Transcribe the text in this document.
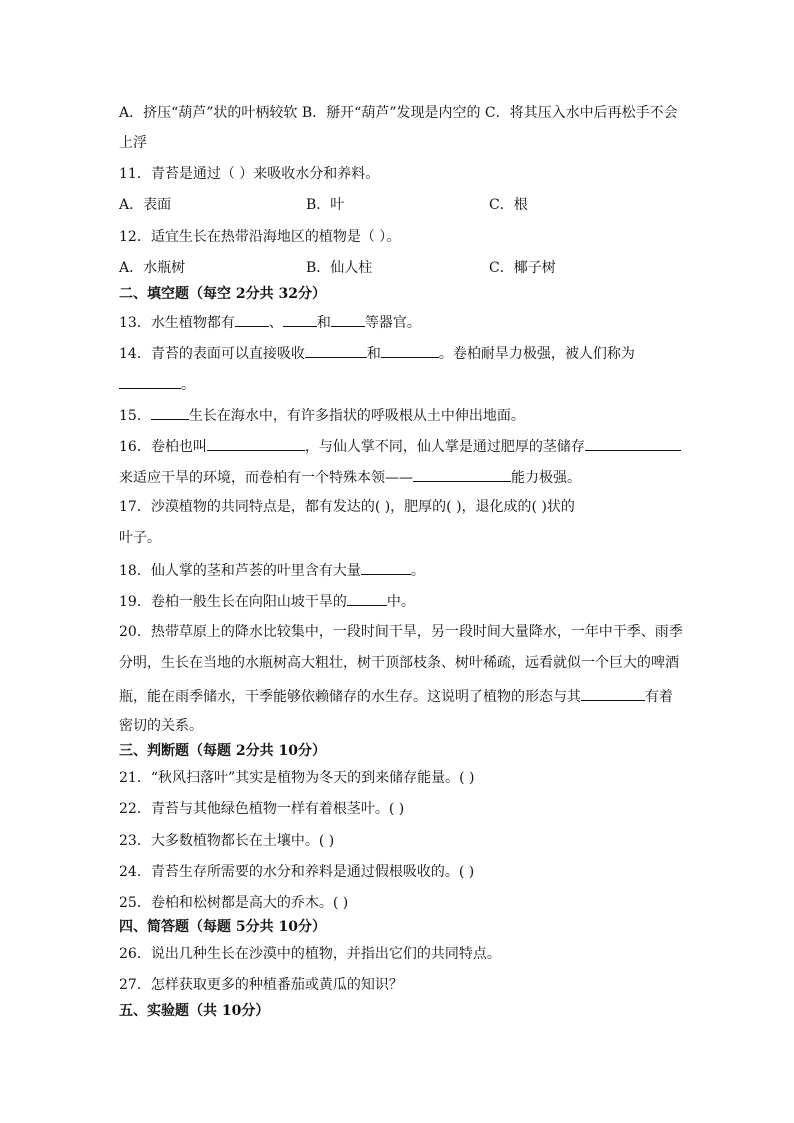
A．挤压“葫芦”状的叶柄较软 B．掰开“葫芦”发现是内空的 C．将其压入水中后再松手不会
上浮
11．青苔是通过（ ）来吸收水分和养料。
A．表面	B．叶	C．根
12．适宜生长在热带沿海地区的植物是（ ）。
A．水瓶树	B．仙人柱	C．椰子树
二、填空题（每空 2分共 32分）
13．水生植物都有 、 和 等器官。
14．青苔的表面可以直接吸收	和	。卷柏耐旱力极强，被人们称为
。
15．	生长在海水中，有许多指状的呼吸根从土中伸出地面。
16．卷柏也叫	，与仙人掌不同，仙人掌是通过肥厚的茎储存
来适应干旱的环境，而卷柏有一个特殊本领——	能力极强。
17．沙漠植物的共同特点是，都有发达的( )，肥厚的( )，退化成的( )状的
叶子。
18．仙人掌的茎和芦荟的叶里含有大量	。
19．卷柏一般生长在向阳山坡干旱的	中。
20．热带草原上的降水比较集中，一段时间干旱，另一段时间大量降水，一年中干季、雨季
分明，生长在当地的水瓶树高大粗壮，树干顶部枝条、树叶稀疏，远看就似一个巨大的啤酒
瓶，能在雨季储水，干季能够依赖储存的水生存。这说明了植物的形态与其	有着
密切的关系。
三、判断题（每题 2分共 10分）
21．“秋风扫落叶”其实是植物为冬天的到来储存能量。( )
22．青苔与其他绿色植物一样有着根茎叶。( )
23．大多数植物都长在土壤中。( )
24．青苔生存所需要的水分和养料是通过假根吸收的。( )
25．卷柏和松树都是高大的乔木。( )
四、简答题（每题 5分共 10分）
26．说出几种生长在沙漠中的植物，并指出它们的共同特点。
27．怎样获取更多的种植番茄或黄瓜的知识？
五、实验题（共 10分）
